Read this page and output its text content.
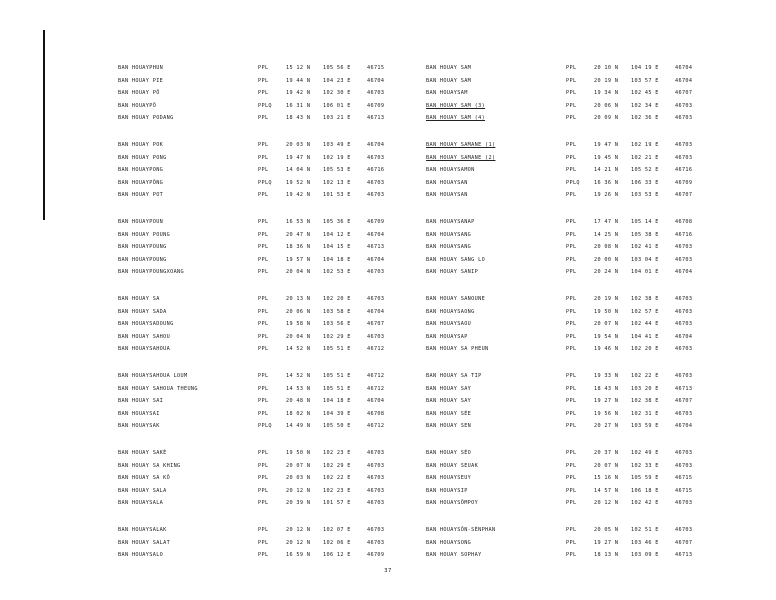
BAN HOUAYPHUN	PPL	15 12 N 105 56 E	46715
BAN HOUAY PIE	PPL	19 44 N 104 23 E	46704
BAN HOUAY PÔ	PPL	19 42 N 102 30 E	46703
BAN HOUAYPÔ	PPLQ	16 31 N 106 01 E	46709
BAN HOUAY PODANG	PPL	18 43 N 103 21 E	46713
BAN HOUAY POK	PPL	20 03 N 103 49 E	46704
BAN HOUAY PONG	PPL	19 47 N 102 19 E	46703
BAN HOUAYPONG	PPL	14 04 N 105 53 E	46716
BAN HOUAYPÔNG	PPLQ	19 52 N 102 13 E	46703
BAN HOUAY POT	PPL	19 42 N 101 53 E	46703
BAN HOUAYPOUN	PPL	16 53 N 105 36 E	46709
BAN HOUAY POUNG	PPL	20 47 N 104 12 E	46704
BAN HOUAYPOUNG	PPL	18 36 N 104 15 E	46713
BAN HOUAYPOUNG	PPL	19 57 N 104 18 E	46704
BAN HOUAYPOUNGXOANG	PPL	20 04 N 102 53 E	46703
BAN HOUAY SA	PPL	20 13 N 102 20 E	46703
BAN HOUAY SADA	PPL	20 06 N 103 58 E	46704
BAN HOUAYSADOUNG	PPL	19 58 N 103 56 E	46707
BAN HOUAY SAHOU	PPL	20 04 N 102 29 E	46703
BAN HOUAYSAHOUA	PPL	14 52 N 105 51 E	46712
BAN HOUAYSAHOUA LOUM	PPL	14 52 N 105 51 E	46712
BAN HOUAY SAHOUA THEUNG	PPL	14 53 N 105 51 E	46712
BAN HOUAY SAI	PPL	20 48 N 104 18 E	46704
BAN HOUAYSAI	PPL	18 02 N 104 39 E	46708
BAN HOUAYSAK	PPLQ	14 49 N 105 50 E	46712
BAN HOUAY SAKÈ	PPL	19 50 N 102 23 E	46703
BAN HOUAY SA KHING	PPL	20 07 N 102 29 E	46703
BAN HOUAY SA KÔ	PPL	20 03 N 102 22 E	46703
BAN HOUAY SALA	PPL	20 12 N 102 23 E	46703
BAN HOUAYSALA	PPL	20 39 N 101 57 E	46703
BAN HOUAYSALAK	PPL	20 12 N 102 07 E	46703
BAN HOUAY SALAT	PPL	20 12 N 102 06 E	46703
BAN HOUAYSALO	PPL	16 59 N 106 12 E	46709
BAN HOUAY SAM	PPL	20 10 N 104 19 E	46704
BAN HOUAY SAM	PPL	20 19 N 103 57 E	46704
BAN HOUAYSAM	PPL	19 34 N 102 45 E	46707
BAN HOUAY SAM (3)	PPL	20 06 N 102 34 E	46703
BAN HOUAY SAM (4)	PPL	20 09 N 102 36 E	46703
BAN HOUAY SAMANE (1)	PPL	19 47 N 102 19 E	46703
BAN HOUAY SAMANE (2)	PPL	19 45 N 102 21 E	46703
BAN HOUAYSAMON	PPL	14 21 N 105 52 E	46716
BAN HOUAYSAN	PPLQ	16 36 N 106 33 E	46709
BAN HOUAYSAN	PPL	19 26 N 103 53 E	46707
BAN HOUAYSANAP	PPL	17 47 N 105 14 E	46708
BAN HOUAYSANG	PPL	14 25 N 105 38 E	46716
BAN HOUAYSANG	PPL	20 08 N 102 41 E	46703
BAN HOUAY SANG LO	PPL	20 00 N 103 04 E	46703
BAN HOUAY SANIP	PPL	20 24 N 104 01 E	46704
BAN HOUAY SANOUNE	PPL	20 19 N 102 38 E	46703
BAN HOUAYSAONG	PPL	19 50 N 102 57 E	46703
BAN HOUAYSAOU	PPL	20 07 N 102 44 E	46703
BAN HOUAYSAP	PPL	19 54 N 104 41 E	46704
BAN HOUAY SA PHEUN	PPL	19 46 N 102 20 E	46703
BAN HOUAY SA TIP	PPL	19 33 N 102 22 E	46703
BAN HOUAY SAY	PPL	18 43 N 103 20 E	46713
BAN HOUAY SAY	PPL	19 27 N 102 38 E	46707
BAN HOUAY SÉE	PPL	19 56 N 102 31 E	46703
BAN HOUAY SEN	PPL	20 27 N 103 59 E	46704
BAN HOUAY SÉO	PPL	20 37 N 102 49 E	46703
BAN HOUAY SEUAK	PPL	20 07 N 102 33 E	46703
BAN HOUAYSEUY	PPL	15 16 N 105 59 E	46715
BAN HOUAYSIP	PPL	14 57 N 106 18 E	46715
BAN HOUAYSÔMPOY	PPL	20 12 N 102 42 E	46703
BAN HOUAYSÔN-SÈNPHAN	PPL	20 05 N 102 51 E	46703
BAN HOUAYSONG	PPL	19 27 N 103 46 E	46707
BAN HOUAY SOPHAY	PPL	18 13 N 103 09 E	46713
37
